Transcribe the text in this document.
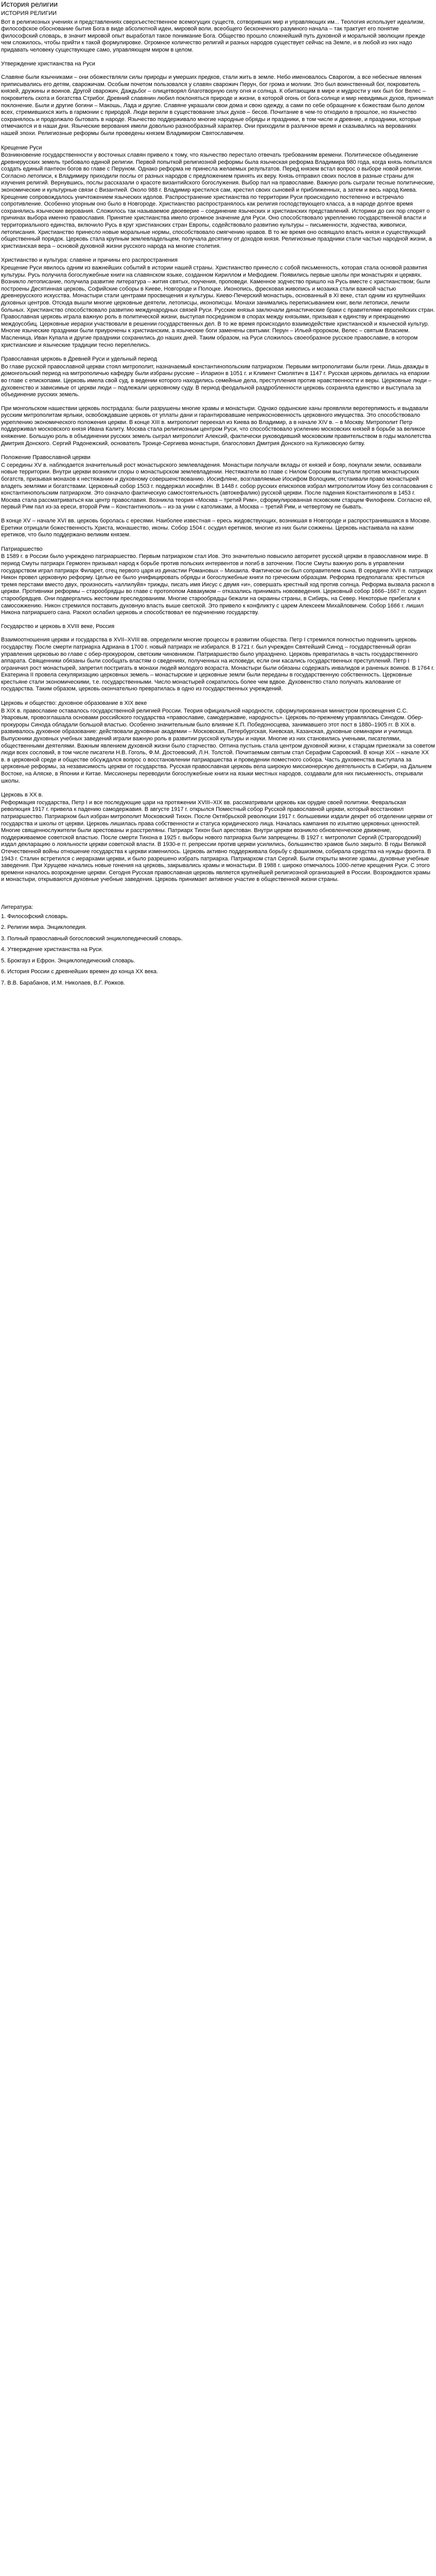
История религии
ИСТОРИЯ РЕЛИГИИ

Вот в религиозных учениях и представлениях сверхъестественное всемогущих существ, сотворивших мир и управляющих им... Теология использует идеализм, философское обоснование бытия Бога в виде абсолютной идеи, мировой воли, всеобщего бесконечного разумного начала – так трактует его понятие философский словарь, в значит мировой опыт выработал такое понимание Бога. Общество прошло сложнейший путь духовной и моральной эволюции прежде чем сложилось, чтобы прийти к такой формулировке. Огромное количество религий и разных народов существует сейчас на Земле, и в любой из них надо придавать человеку существующее само, управляющем миром в целом.

Утверждение христианства на Руси

Славяне были язычниками – они обожествляли силы природы и умерших предков, стали жить в земле. Небо именовалось Сварогом, а все небесные явления приписывались его детям, сварожичам. Особым почетом пользовался у славян сварожич Перун, бог грома и молнии. Это был воинственный бог, покровитель князей, дружины и воинов. Другой сварожич, Даждьбог – олицетворял благотворную силу огня и солнца. К обитающим в мире и мудрости у них был бог Велес – покровитель скота и богатства Стрибог. Древний славянин любил поклоняться природе и жизни, в которой огонь от бога-солнце и мир невидимых духов, принимал поклонение. Были и другие богини – Макошь, Лада и другие. Славяне украшали свои дома и свою одежду, а сами по себе обращение к божествам было делом всех, стремившихся жить в гармонии с природой. Люди верили в существование злых духов – бесов. Почитание в чем-то отходило в прошлое, но язычество сохранялось и продолжало бытовать в народе. Язычество поддерживало многие народные обряды и праздники, в том числе и древние, и праздники, которые отмечаются и в наши дни. Языческие верования имели довольно разнообразный характер. Они приходили в различное время и сказывались на верованиях нашей эпохи. Религиозные реформы были проведены князем Владимиром Святославичем.

Крещение Руси

Возникновение государственности у восточных славян привело к тому, что язычество перестало отвечать требованиям времени. Политическое объединение древнерусских земель требовало единой религии. Первой попыткой религиозной реформы была языческая реформа Владимира 980 года, когда князь попытался создать единый пантеон богов во главе с Перуном. Однако реформа не принесла желаемых результатов. Перед князем встал вопрос о выборе новой религии. Согласно летописи, к Владимиру приходили послы от разных народов с предложением принять их веру. Князь отправил своих послов в разные страны для изучения религий. Вернувшись, послы рассказали о красоте византийского богослужения. Выбор пал на православие. Важную роль сыграли тесные политические, экономические и культурные связи с Византией. Около 988 г. Владимир крестился сам, крестил своих сыновей и приближенных, а затем и весь народ Киева. Крещение сопровождалось уничтожением языческих идолов. Распространение христианства по территории Руси происходило постепенно и встречало сопротивление. Особенно упорным оно было в Новгороде. Христианство распространялось как религия господствующего класса, а в народе долгое время сохранялись языческие верования. Сложилось так называемое двоеверие – соединение языческих и христианских представлений. Историки до сих пор спорят о причинах выбора именно православия. Принятие христианства имело огромное значение для Руси. Оно способствовало укреплению государственной власти и территориального единства, включило Русь в круг христианских стран Европы, содействовало развитию культуры – письменности, зодчества, живописи, летописания. Христианство принесло новые моральные нормы, способствовало смягчению нравов. В то же время оно освящало власть князя и существующий общественный порядок. Церковь стала крупным землевладельцем, получала десятину от доходов князя. Религиозные праздники стали частью народной жизни, а христианская вера – основой духовной жизни русского народа на многие столетия.

Христианство и культура: славяне и причины его распространения

Крещение Руси явилось одним из важнейших событий в истории нашей страны. Христианство принесло с собой письменность, которая стала основой развития культуры. Русь получила богослужебные книги на славянском языке, созданном Кириллом и Мефодием. Появились первые школы при монастырях и церквях. Возникло летописание, получила развитие литература – жития святых, поучения, проповеди. Каменное зодчество пришло на Русь вместе с христианством; были построены Десятинная церковь, Софийские соборы в Киеве, Новгороде и Полоцке. Иконопись, фресковая живопись и мозаика стали важной частью древнерусского искусства. Монастыри стали центрами просвещения и культуры. Киево-Печерский монастырь, основанный в XI веке, стал одним из крупнейших духовных центров. Отсюда вышли многие церковные деятели, летописцы, иконописцы. Монахи занимались переписыванием книг, вели летописи, лечили больных. Христианство способствовало развитию международных связей Руси. Русские князья заключали династические браки с правителями европейских стран. Православная церковь играла важную роль в политической жизни, выступая посредником в спорах между князьями, призывая к единству и прекращению междоусобиц. Церковные иерархи участвовали в решении государственных дел. В то же время происходило взаимодействие христианской и языческой культур. Многие языческие праздники были приурочены к христианским, а языческие боги заменены святыми: Перун – Ильей-пророком, Велес – святым Власием. Масленица, Иван Купала и другие праздники сохранились до наших дней. Таким образом, на Руси сложилось своеобразное русское православие, в котором христианские и языческие традиции тесно переплелись.

Православная церковь в Древней Руси и удельный период

Во главе русской православной церкви стоял митрополит, назначаемый константинопольским патриархом. Первыми митрополитами были греки. Лишь дважды в домонгольский период на митрополичью кафедру были избраны русские – Иларион в 1051 г. и Климент Смолятич в 1147 г. Русская церковь делилась на епархии во главе с епископами. Церковь имела свой суд, в ведении которого находились семейные дела, преступления против нравственности и веры. Церковные люди – духовенство и зависимые от церкви люди – подлежали церковному суду. В период феодальной раздробленности церковь сохраняла единство и выступала за объединение русских земель.

При монгольском нашествии церковь пострадала: были разрушены многие храмы и монастыри. Однако ордынские ханы проявляли веротерпимость и выдавали русским митрополитам ярлыки, освобождавшие церковь от уплаты дани и гарантировавшие неприкосновенность церковного имущества. Это способствовало укреплению экономического положения церкви. В конце XIII в. митрополит переехал из Киева во Владимир, а в начале XIV в. – в Москву. Митрополит Петр поддерживал московского князя Ивана Калиту. Москва стала религиозным центром Руси, что способствовало усилению московских князей в борьбе за великое княжение. Большую роль в объединении русских земель сыграл митрополит Алексий, фактически руководивший московским правительством в годы малолетства Дмитрия Донского. Сергий Радонежский, основатель Троице-Сергиева монастыря, благословил Дмитрия Донского на Куликовскую битву.

Положение Православной церкви

С середины XV в. наблюдается значительный рост монастырского землевладения. Монастыри получали вклады от князей и бояр, покупали земли, осваивали новые территории. Внутри церкви возникли споры о монастырском землевладении. Нестяжатели во главе с Нилом Сорским выступали против монастырских богатств, призывая монахов к нестяжанию и духовному совершенствованию. Иосифляне, возглавляемые Иосифом Волоцким, отстаивали право монастырей владеть землями и богатствами. Церковный собор 1503 г. поддержал иосифлян. В 1448 г. собор русских епископов избрал митрополитом Иону без согласования с константинопольским патриархом. Это означало фактическую самостоятельность (автокефалию) русской церкви. После падения Константинополя в 1453 г. Москва стала рассматриваться как центр православия. Возникла теория «Москва – третий Рим», сформулированная псковским старцем Филофеем. Согласно ей, первый Рим пал из-за ереси, второй Рим – Константинополь – из-за унии с католиками, а Москва – третий Рим, и четвертому не бывать.

В конце XV – начале XVI вв. церковь боролась с ересями. Наиболее известная – ересь жидовствующих, возникшая в Новгороде и распространившаяся в Москве. Еретики отрицали божественность Христа, монашество, иконы. Собор 1504 г. осудил еретиков, многие из них были сожжены. Церковь настаивала на казни еретиков, что было поддержано великим князем.

Патриаршество

В 1589 г. в России было учреждено патриаршество. Первым патриархом стал Иов. Это значительно повысило авторитет русской церкви в православном мире. В период Смуты патриарх Гермоген призывал народ к борьбе против польских интервентов и погиб в заточении. После Смуты важную роль в управлении государством играл патриарх Филарет, отец первого царя из династии Романовых – Михаила. Фактически он был соправителем сына. В середине XVII в. патриарх Никон провел церковную реформу. Целью ее было унифицировать обряды и богослужебные книги по греческим образцам. Реформа предполагала: креститься тремя перстами вместо двух, произносить «аллилуйя» трижды, писать имя Иисус с двумя «и», совершать крестный ход против солнца. Реформа вызвала раскол в церкви. Противники реформы – старообрядцы во главе с протопопом Аввакумом – отказались принимать нововведения. Церковный собор 1666–1667 гг. осудил старообрядцев. Они подвергались жестоким преследованиям. Многие старообрядцы бежали на окраины страны, в Сибирь, на Север. Некоторые прибегали к самосожжению. Никон стремился поставить духовную власть выше светской. Это привело к конфликту с царем Алексеем Михайловичем. Собор 1666 г. лишил Никона патриаршего сана. Раскол ослабил церковь и способствовал ее подчинению государству.

Государство и церковь в XVIII веке, Россия

Взаимоотношения церкви и государства в XVII–XVIII вв. определили многие процессы в развитии общества. Петр I стремился полностью подчинить церковь государству. После смерти патриарха Адриана в 1700 г. новый патриарх не избирался. В 1721 г. был учрежден Святейший Синод – государственный орган управления церковью во главе с обер-прокурором, светским чиновником. Патриаршество было упразднено. Церковь превратилась в часть государственного аппарата. Священники обязаны были сообщать властям о сведениях, полученных на исповеди, если они касались государственных преступлений. Петр I ограничил рост монастырей, запретил постригать в монахи людей молодого возраста. Монастыри были обязаны содержать инвалидов и раненых воинов. В 1764 г. Екатерина II провела секуляризацию церковных земель – монастырские и церковные земли были переданы в государственную собственность. Церковные крестьяне стали экономическими, т.е. государственными. Число монастырей сократилось более чем вдвое. Духовенство стало получать жалование от государства. Таким образом, церковь окончательно превратилась в одно из государственных учреждений.

Церковь и общество: духовное образование в XIX веке

В XIX в. православие оставалось государственной религией России. Теория официальной народности, сформулированная министром просвещения С.С. Уваровым, провозглашала основами российского государства «православие, самодержавие, народность». Церковь по-прежнему управлялась Синодом. Обер-прокуроры Синода обладали большой властью. Особенно значительным было влияние К.П. Победоносцева, занимавшего этот пост в 1880–1905 гг. В XIX в. развивалось духовное образование: действовали духовные академии – Московская, Петербургская, Киевская, Казанская, духовные семинарии и училища. Выпускники духовных учебных заведений играли важную роль в развитии русской культуры и науки. Многие из них становились учеными, писателями, общественными деятелями. Важным явлением духовной жизни было старчество. Оптина пустынь стала центром духовной жизни, к старцам приезжали за советом люди всех сословий, в том числе писатели Н.В. Гоголь, Ф.М. Достоевский, Л.Н. Толстой. Почитаемым святым стал Серафим Саровский. В конце XIX – начале XX в. в церковной среде и обществе обсуждался вопрос о восстановлении патриаршества и проведении поместного собора. Часть духовенства выступала за церковные реформы, за независимость церкви от государства. Русская православная церковь вела широкую миссионерскую деятельность в Сибири, на Дальнем Востоке, на Аляске, в Японии и Китае. Миссионеры переводили богослужебные книги на языки местных народов, создавали для них письменность, открывали школы.

Церковь в XX в.

Реформация государства, Петр I и все последующие цари на протяжении XVIII–XIX вв. рассматривали церковь как орудие своей политики. Февральская революция 1917 г. привела к падению самодержавия. В августе 1917 г. открылся Поместный собор Русской православной церкви, который восстановил патриаршество. Патриархом был избран митрополит Московский Тихон. После Октябрьской революции 1917 г. большевики издали декрет об отделении церкви от государства и школы от церкви. Церковь лишилась права собственности и статуса юридического лица. Началась кампания по изъятию церковных ценностей. Многие священнослужители были арестованы и расстреляны. Патриарх Тихон был арестован. Внутри церкви возникло обновленческое движение, поддерживаемое советской властью. После смерти Тихона в 1925 г. выборы нового патриарха были запрещены. В 1927 г. митрополит Сергий (Страгородский) издал декларацию о лояльности церкви советской власти. В 1930-е гг. репрессии против церкви усилились, большинство храмов было закрыто. В годы Великой Отечественной войны отношение государства к церкви изменилось. Церковь активно поддерживала борьбу с фашизмом, собирала средства на нужды фронта. В 1943 г. Сталин встретился с иерархами церкви, и было разрешено избрать патриарха. Патриархом стал Сергий. Были открыты многие храмы, духовные учебные заведения. При Хрущеве начались новые гонения на церковь, закрывались храмы и монастыри. В 1988 г. широко отмечалось 1000-летие крещения Руси. С этого времени началось возрождение церкви. Сегодня Русская православная церковь является крупнейшей религиозной организацией в России. Возрождаются храмы и монастыри, открываются духовные учебные заведения. Церковь принимает активное участие в общественной жизни страны.

Литература:
1. Философский словарь.
2. Религии мира. Энциклопедия.
3. Полный православный богословский энциклопедический словарь.
4. Утверждение христианства на Руси.
5. Брокгауз и Ефрон. Энциклопедический словарь.
6. История России с древнейших времен до конца XX века.
7. В.В. Барабанов, И.М. Николаев, В.Г. Рожков.
